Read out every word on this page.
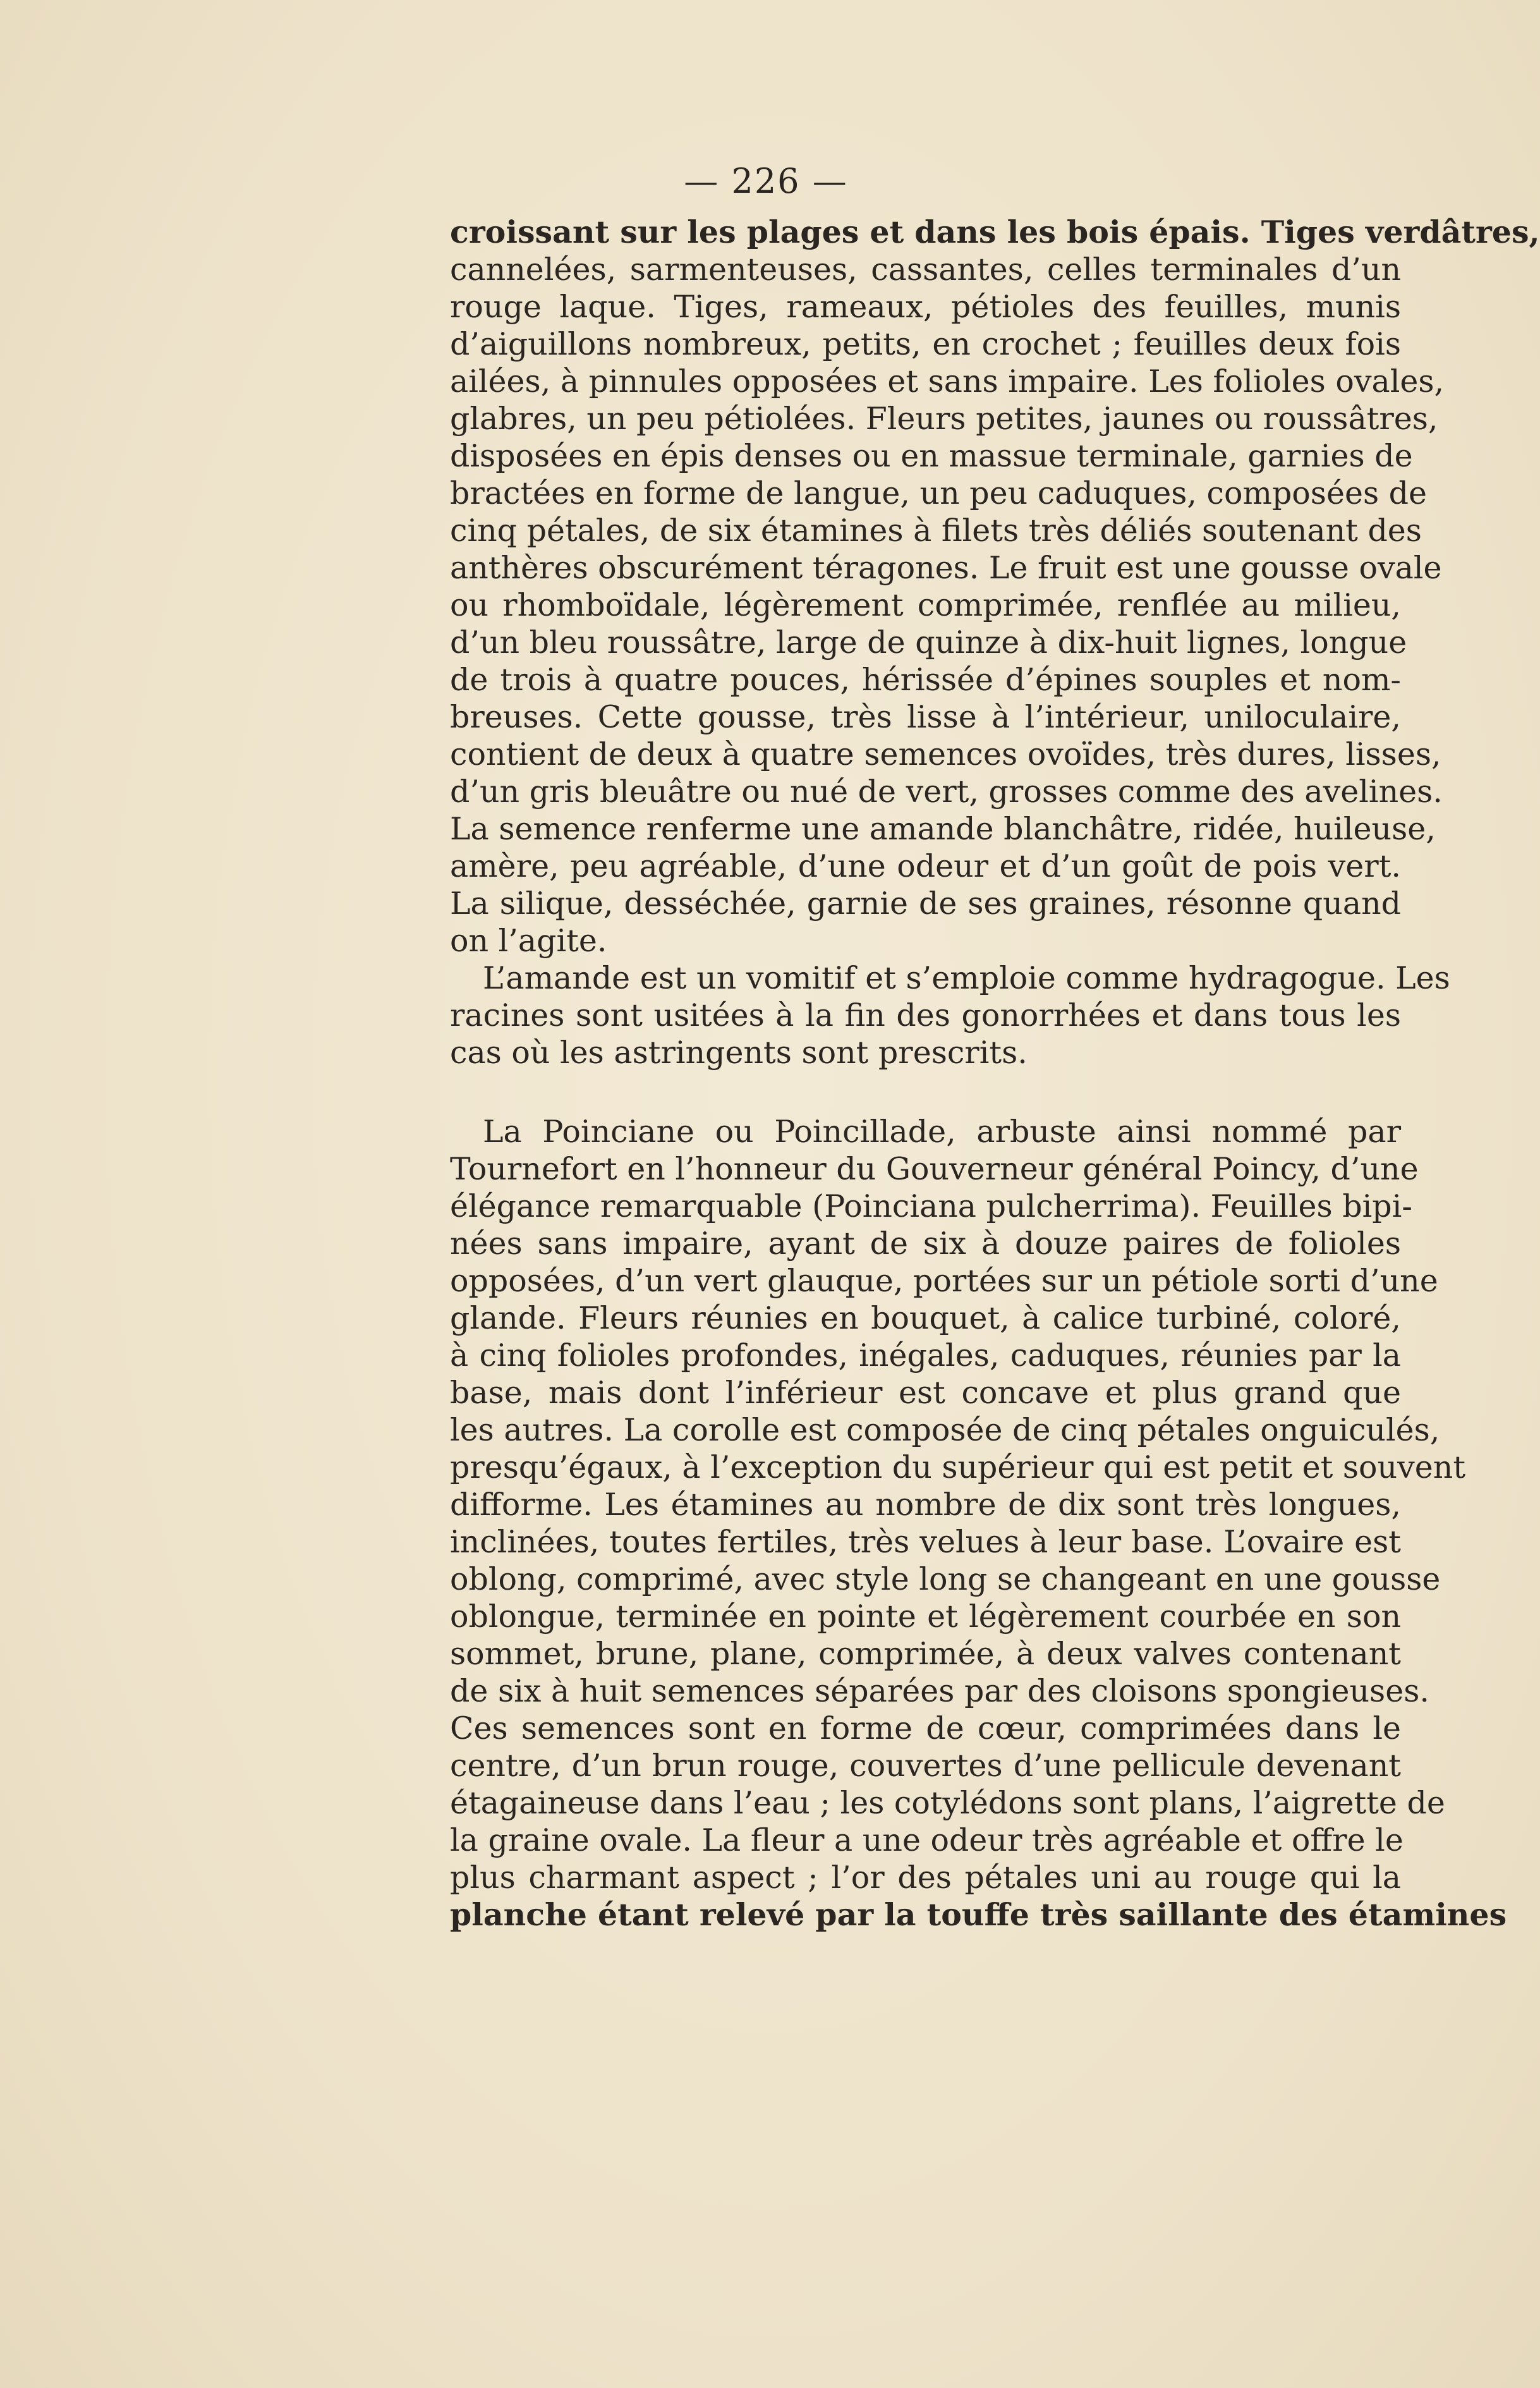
— 226 —
croissant sur les plages et dans les bois épais. Tiges verdâtres,
cannelées, sarmenteuses, cassantes, celles terminales d’un
rouge laque. Tiges, rameaux, pétioles des feuilles, munis
d’aiguillons nombreux, petits, en crochet ; feuilles deux fois
ailées, à pinnules opposées et sans impaire. Les folioles ovales,
glabres, un peu pétiolées. Fleurs petites, jaunes ou roussâtres,
disposées en épis denses ou en massue terminale, garnies de
bractées en forme de langue, un peu caduques, composées de
cinq pétales, de six étamines à filets très déliés soutenant des
anthères obscurément téragones. Le fruit est une gousse ovale
ou rhomboïdale, légèrement comprimée, renflée au milieu,
d’un bleu roussâtre, large de quinze à dix-huit lignes, longue
de trois à quatre pouces, hérissée d’épines souples et nom-
breuses. Cette gousse, très lisse à l’intérieur, uniloculaire,
contient de deux à quatre semences ovoïdes, très dures, lisses,
d’un gris bleuâtre ou nué de vert, grosses comme des avelines.
La semence renferme une amande blanchâtre, ridée, huileuse,
amère, peu agréable, d’une odeur et d’un goût de pois vert.
La silique, desséchée, garnie de ses graines, résonne quand
on l’agite.
L’amande est un vomitif et s’emploie comme hydragogue. Les
racines sont usitées à la fin des gonorrhées et dans tous les
cas où les astringents sont prescrits.
La Poinciane ou Poincillade, arbuste ainsi nommé par
Tournefort en l’honneur du Gouverneur général Poincy, d’une
élégance remarquable (Poinciana pulcherrima). Feuilles bipi-
nées sans impaire, ayant de six à douze paires de folioles
opposées, d’un vert glauque, portées sur un pétiole sorti d’une
glande. Fleurs réunies en bouquet, à calice turbiné, coloré,
à cinq folioles profondes, inégales, caduques, réunies par la
base, mais dont l’inférieur est concave et plus grand que
les autres. La corolle est composée de cinq pétales onguiculés,
presqu’égaux, à l’exception du supérieur qui est petit et souvent
difforme. Les étamines au nombre de dix sont très longues,
inclinées, toutes fertiles, très velues à leur base. L’ovaire est
oblong, comprimé, avec style long se changeant en une gousse
oblongue, terminée en pointe et légèrement courbée en son
sommet, brune, plane, comprimée, à deux valves contenant
de six à huit semences séparées par des cloisons spongieuses.
Ces semences sont en forme de cœur, comprimées dans le
centre, d’un brun rouge, couvertes d’une pellicule devenant
étagaineuse dans l’eau ; les cotylédons sont plans, l’aigrette de
la graine ovale. La fleur a une odeur très agréable et offre le
plus charmant aspect ; l’or des pétales uni au rouge qui la
planche étant relevé par la touffe très saillante des étamines
